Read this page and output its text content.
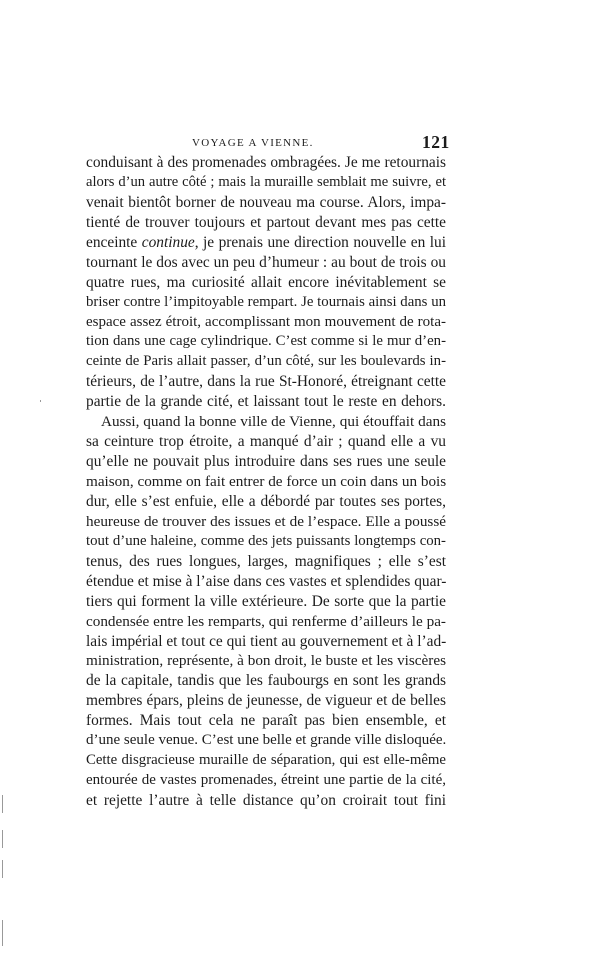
VOYAGE A VIENNE.	121
conduisant à des promenades ombragées. Je me retournais
alors d’un autre côté ; mais la muraille semblait me suivre, et
venait bientôt borner de nouveau ma course. Alors, impa-
tienté de trouver toujours et partout devant mes pas cette
enceinte continue, je prenais une direction nouvelle en lui
tournant le dos avec un peu d’humeur : au bout de trois ou
quatre rues, ma curiosité allait encore inévitablement se
briser contre l’impitoyable rempart. Je tournais ainsi dans un
espace assez étroit, accomplissant mon mouvement de rota-
tion dans une cage cylindrique. C’est comme si le mur d’en-
ceinte de Paris allait passer, d’un côté, sur les boulevards in-
térieurs, de l’autre, dans la rue St-Honoré, étreignant cette
partie de la grande cité, et laissant tout le reste en dehors.
Aussi, quand la bonne ville de Vienne, qui étouffait dans
sa ceinture trop étroite, a manqué d’air ; quand elle a vu
qu’elle ne pouvait plus introduire dans ses rues une seule
maison, comme on fait entrer de force un coin dans un bois
dur, elle s’est enfuie, elle a débordé par toutes ses portes,
heureuse de trouver des issues et de l’espace. Elle a poussé
tout d’une haleine, comme des jets puissants longtemps con-
tenus, des rues longues, larges, magnifiques ; elle s’est
étendue et mise à l’aise dans ces vastes et splendides quar-
tiers qui forment la ville extérieure. De sorte que la partie
condensée entre les remparts, qui renferme d’ailleurs le pa-
lais impérial et tout ce qui tient au gouvernement et à l’ad-
ministration, représente, à bon droit, le buste et les viscères
de la capitale, tandis que les faubourgs en sont les grands
membres épars, pleins de jeunesse, de vigueur et de belles
formes. Mais tout cela ne paraît pas bien ensemble, et
d’une seule venue. C’est une belle et grande ville disloquée.
Cette disgracieuse muraille de séparation, qui est elle-même
entourée de vastes promenades, étreint une partie de la cité,
et rejette l’autre à telle distance qu’on croirait tout fini
